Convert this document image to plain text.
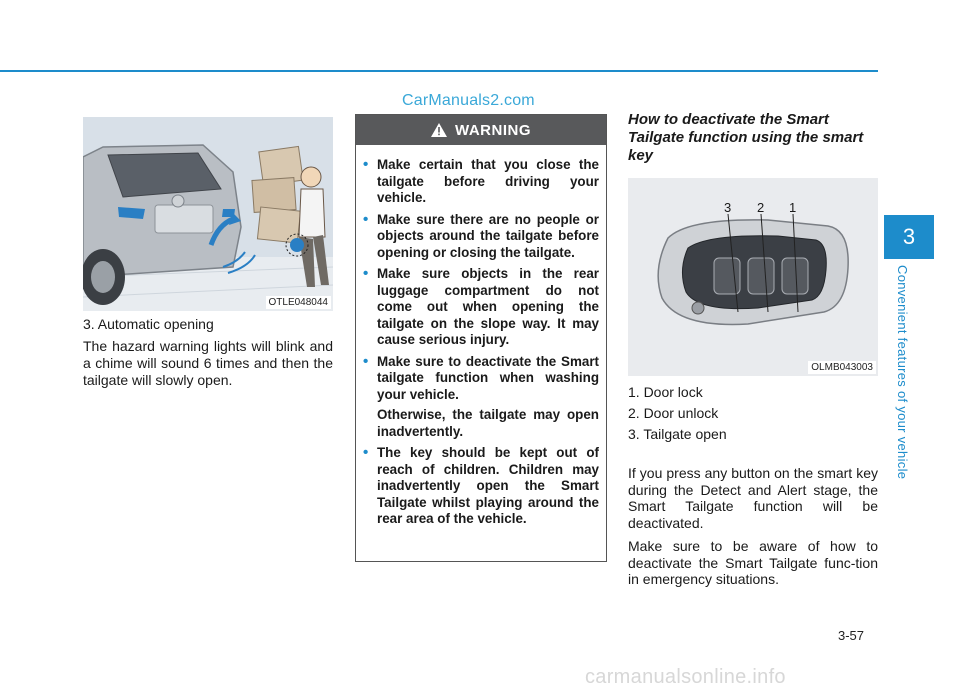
CarManuals2.com
OTLE048044

3. Automatic opening

The hazard warning lights will blink and a chime will sound 6 times and then the tailgate will slowly open.

WARNING
• Make certain that you close the tailgate before driving your vehicle.
• Make sure there are no people or objects around the tailgate before opening or closing the tailgate.
• Make sure objects in the rear luggage compartment do not come out when opening the tailgate on the slope way. It may cause serious injury.
• Make sure to deactivate the Smart tailgate function when washing your vehicle.

Otherwise, the tailgate may open inadvertently.

• The key should be kept out of reach of children. Children may inadvertently open the Smart Tailgate whilst playing around the rear area of the vehicle.
How to deactivate the Smart Tailgate function using the smart key
3 2 1
OLMB043003
1. Door lock
2. Door unlock
3. Tailgate open

If you press any button on the smart key during the Detect and Alert stage, the Smart Tailgate function will be deactivated.

Make sure to be aware of how to deactivate the Smart Tailgate func-tion in emergency situations.

3
Convenient features of your vehicle
3-57
carmanualsonline.info
